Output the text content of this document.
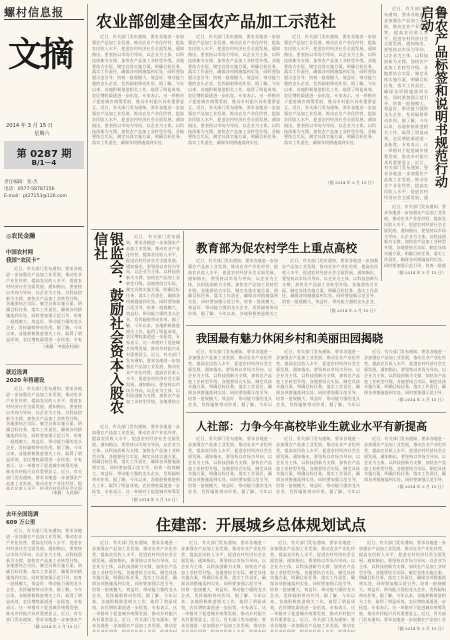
螺村信息报
文摘
2014 年 3 月 15 日
星期六
第 0287 期
B/1－4
责任编辑：张·杰
电话：0577-58787156
E-mail：pt27153@126.com
◎农民金融
中国农村网
我国“农民卡”
近日，有关部门发布通知，要求各地进一步加强农产品加工业发展，推动农业产业化经营，提高农民收入水平，促进农村经济社会全面发展。通知指出，要坚持以市场为导向，以企业为主体，以科技创新为支撑，加快农产品加工业转型升级。各地要结合实际，制定具体实施方案，明确目标任务，落实工作责任，确保各项措施落到实处。同时要加强示范引导，培育一批规模大、效益好、带动能力强的龙头企业，发挥辐射带动作用。据了解，今年以来，各地积极推进相关工作，取得了明显成效，农民增收渠道进一步拓宽。专家表示，这一举措对于促进城乡统筹发展、推动乡村振兴具有重要意义。近日，有关部门发布通知，要求各地进一步加强农产品加工业发展，推动农业产业化经营，提高农民收入水平，促进农村经济社会全面发展。通知指出，要坚持以市场为导向，以企业为主体，以科技创新为支撑，加快农产品加工业转型升级。各地要结合实际，制定具体实施方案，明确目标任务，落实工作责任，确保各项措施落到实处。
（来源：中国农村网）
就近选调
2020 年将建设
近日，有关部门发布通知，要求各地进一步加强农产品加工业发展，推动农业产业化经营，提高农民收入水平，促进农村经济社会全面发展。通知指出，要坚持以市场为导向，以企业为主体，以科技创新为支撑，加快农产品加工业转型升级。各地要结合实际，制定具体实施方案，明确目标任务，落实工作责任，确保各项措施落到实处。同时要加强示范引导，培育一批规模大、效益好、带动能力强的龙头企业，发挥辐射带动作用。据了解，今年以来，各地积极推进相关工作，取得了明显成效，农民增收渠道进一步拓宽。专家表示，这一举措对于促进城乡统筹发展、推动乡村振兴具有重要意义。近日，有关部门发布通知，要求各地进一步加强农产品加工业发展，推动农业产业化经营，提高农民收入水平，促进农村经济社会全面发展。通知指出，要坚持以市场为导向，以企业为主体，以科技创新为支撑，加快农产品加工业转型升级。各地要结合实际，制定具体实施方案，明确目标任务，落实工作责任，确保各项措施落到实处。
（来源：人民网）
去年全国选调
609 万公里
近日，有关部门发布通知，要求各地进一步加强农产品加工业发展，推动农业产业化经营，提高农民收入水平，促进农村经济社会全面发展。通知指出，要坚持以市场为导向，以企业为主体，以科技创新为支撑，加快农产品加工业转型升级。各地要结合实际，制定具体实施方案，明确目标任务，落实工作责任，确保各项措施落到实处。同时要加强示范引导，培育一批规模大、效益好、带动能力强的龙头企业，发挥辐射带动作用。据了解，今年以来，各地积极推进相关工作，取得了明显成效，农民增收渠道进一步拓宽。专家表示，这一举措对于促进城乡统筹发展、推动乡村振兴具有重要意义。近日，有关部门发布通知，要求各地进一步加强农产品加工业发展，推动农业产业化经营，提高农民收入水平，促进农村经济社会全面发展。通知指出，要坚持以市场为导向，以企业为主体，以科技创新为支撑，加快农产品加工业转型升级。各地要结合实际，制定具体实施方案，明确目标任务，落实工作责任，确保各项措施落到实处。
（据 2014 年 3 月 15 日）
农业部创建全国农产品加工示范社
近日，有关部门发布通知，要求各地进一步加强农产品加工业发展，推动农业产业化经营，提高农民收入水平，促进农村经济社会全面发展。通知指出，要坚持以市场为导向，以企业为主体，以科技创新为支撑，加快农产品加工业转型升级。各地要结合实际，制定具体实施方案，明确目标任务，落实工作责任，确保各项措施落到实处。同时要加强示范引导，培育一批规模大、效益好、带动能力强的龙头企业，发挥辐射带动作用。据了解，今年以来，各地积极推进相关工作，取得了明显成效，农民增收渠道进一步拓宽。专家表示，这一举措对于促进城乡统筹发展、推动乡村振兴具有重要意义。近日，有关部门发布通知，要求各地进一步加强农产品加工业发展，推动农业产业化经营，提高农民收入水平，促进农村经济社会全面发展。通知指出，要坚持以市场为导向，以企业为主体，以科技创新为支撑，加快农产品加工业转型升级。各地要结合实际，制定具体实施方案，明确目标任务，落实工作责任，确保各项措施落到实处。
近日，有关部门发布通知，要求各地进一步加强农产品加工业发展，推动农业产业化经营，提高农民收入水平，促进农村经济社会全面发展。通知指出，要坚持以市场为导向，以企业为主体，以科技创新为支撑，加快农产品加工业转型升级。各地要结合实际，制定具体实施方案，明确目标任务，落实工作责任，确保各项措施落到实处。同时要加强示范引导，培育一批规模大、效益好、带动能力强的龙头企业，发挥辐射带动作用。据了解，今年以来，各地积极推进相关工作，取得了明显成效，农民增收渠道进一步拓宽。专家表示，这一举措对于促进城乡统筹发展、推动乡村振兴具有重要意义。近日，有关部门发布通知，要求各地进一步加强农产品加工业发展，推动农业产业化经营，提高农民收入水平，促进农村经济社会全面发展。通知指出，要坚持以市场为导向，以企业为主体，以科技创新为支撑，加快农产品加工业转型升级。各地要结合实际，制定具体实施方案，明确目标任务，落实工作责任，确保各项措施落到实处。
近日，有关部门发布通知，要求各地进一步加强农产品加工业发展，推动农业产业化经营，提高农民收入水平，促进农村经济社会全面发展。通知指出，要坚持以市场为导向，以企业为主体，以科技创新为支撑，加快农产品加工业转型升级。各地要结合实际，制定具体实施方案，明确目标任务，落实工作责任，确保各项措施落到实处。同时要加强示范引导，培育一批规模大、效益好、带动能力强的龙头企业，发挥辐射带动作用。据了解，今年以来，各地积极推进相关工作，取得了明显成效，农民增收渠道进一步拓宽。专家表示，这一举措对于促进城乡统筹发展、推动乡村振兴具有重要意义。近日，有关部门发布通知，要求各地进一步加强农产品加工业发展，推动农业产业化经营，提高农民收入水平，促进农村经济社会全面发展。通知指出，要坚持以市场为导向，以企业为主体，以科技创新为支撑，加快农产品加工业转型升级。各地要结合实际，制定具体实施方案，明确目标任务，落实工作责任，确保各项措施落到实处。
（据 2014 年 3 月 15 日）
近日，有关部门发布通知，要求各地进一步加强农产品加工业发展，推动农业产业化经营，提高农民收入水平，促进农村经济社会全面发展。通知指出，要坚持以市场为导向，以企业为主体，以科技创新为支撑，加快农产品加工业转型升级。各地要结合实际，制定具体实施方案，明确目标任务，落实工作责任，确保各项措施落到实处。同时要加强示范引导，培育一批规模大、效益好、带动能力强的龙头企业，发挥辐射带动作用。据了解，今年以来，各地积极推进相关工作，取得了明显成效，农民增收渠道进一步拓宽。专家表示，这一举措对于促进城乡统筹发展、推动乡村振兴具有重要意义。近日，有关部门发布通知，要求各地进一步加强农产品加工业发展，推动农业产业化经营，提高农民收入水平，促进农村经济社会全面发展。通知指出，要坚持以市场为导向，以企业为主体，以科技创新为支撑，加快农产品加工业转型升级。各地要结合实际，制定具体实施方案，明确目标任务，落实工作责任，确保各项措施落到实处。	鲁农产品标签和说明书规范行动启动
近日，有关部门发布通知，要求各地进一步加强农产品加工业发展，推动农业产业化经营，提高农民收入水平，促进农村经济社会全面发展。通知指出，要坚持以市场为导向，以企业为主体，以科技创新为支撑，加快农产品加工业转型升级。各地要结合实际，制定具体实施方案，明确目标任务，落实工作责任，确保各项措施落到实处。同时要加强示范引导，培育一批规模大、效益好、带动能力强的龙头企业，发挥辐射带动作用。据了解，今年以来，各地积极推进相关工作，取得了明显成效，农民增收渠道进一步拓宽。专家表示，这一举措对于促进城乡统筹发展、推动乡村振兴具有重要意义。近日，有关部门发布通知，要求各地进一步加强农产品加工业发展，推动农业产业化经营，提高农民收入水平，促进农村经济社会全面发展。通知指出，要坚持以市场为导向，以企业为主体，以科技创新为支撑，加快农产品加工业转型升级。各地要结合实际，制定具体实施方案，明确目标任务，落实工作责任，确保各项措施落到实处。
（据 2014 年 3 月 15 日）
银监会：鼓励社会资本入股农信社
近日，有关部门发布通知，要求各地进一步加强农产品加工业发展，推动农业产业化经营，提高农民收入水平，促进农村经济社会全面发展。通知指出，要坚持以市场为导向，以企业为主体，以科技创新为支撑，加快农产品加工业转型升级。各地要结合实际，制定具体实施方案，明确目标任务，落实工作责任，确保各项措施落到实处。同时要加强示范引导，培育一批规模大、效益好、带动能力强的龙头企业，发挥辐射带动作用。据了解，今年以来，各地积极推进相关工作，取得了明显成效，农民增收渠道进一步拓宽。专家表示，这一举措对于促进城乡统筹发展、推动乡村振兴具有重要意义。近日，有关部门发布通知，要求各地进一步加强农产品加工业发展，推动农业产业化经营，提高农民收入水平，促进农村经济社会全面发展。通知指出，要坚持以市场为导向，以企业为主体，以科技创新为支撑，加快农产品加工业转型升级。各地要结合实际，制定具体实施方案，明确目标任务，落实工作责任，确保各项措施落到实处。
近日，有关部门发布通知，要求各地进一步加强农产品加工业发展，推动农业产业化经营，提高农民收入水平，促进农村经济社会全面发展。通知指出，要坚持以市场为导向，以企业为主体，以科技创新为支撑，加快农产品加工业转型升级。各地要结合实际，制定具体实施方案，明确目标任务，落实工作责任，确保各项措施落到实处。同时要加强示范引导，培育一批规模大、效益好、带动能力强的龙头企业，发挥辐射带动作用。据了解，今年以来，各地积极推进相关工作，取得了明显成效，农民增收渠道进一步拓宽。专家表示，这一举措对于促进城乡统筹发展、推动乡村振兴具有重要意义。近日，有关部门发布通知，要求各地进一步加强农产品加工业发展，推动农业产业化经营，提高农民收入水平，促进农村经济社会全面发展。通知指出，要坚持以市场为导向，以企业为主体，以科技创新为支撑，加快农产品加工业转型升级。各地要结合实际，制定具体实施方案，明确目标任务，落实工作责任，确保各项措施落到实处。
（据 2014 年 3 月 15 日）
教育部为促农村学生上重点高校
近日，有关部门发布通知，要求各地进一步加强农产品加工业发展，推动农业产业化经营，提高农民收入水平，促进农村经济社会全面发展。通知指出，要坚持以市场为导向，以企业为主体，以科技创新为支撑，加快农产品加工业转型升级。各地要结合实际，制定具体实施方案，明确目标任务，落实工作责任，确保各项措施落到实处。同时要加强示范引导，培育一批规模大、效益好、带动能力强的龙头企业，发挥辐射带动作用。据了解，今年以来，各地积极推进相关工作，取得了明显成效，农民增收渠道进一步拓宽。专家表示，这一举措对于促进城乡统筹发展、推动乡村振兴具有重要意义。近日，有关部门发布通知，要求各地进一步加强农产品加工业发展，推动农业产业化经营，提高农民收入水平，促进农村经济社会全面发展。通知指出，要坚持以市场为导向，以企业为主体，以科技创新为支撑，加快农产品加工业转型升级。各地要结合实际，制定具体实施方案，明确目标任务，落实工作责任，确保各项措施落到实处。
近日，有关部门发布通知，要求各地进一步加强农产品加工业发展，推动农业产业化经营，提高农民收入水平，促进农村经济社会全面发展。通知指出，要坚持以市场为导向，以企业为主体，以科技创新为支撑，加快农产品加工业转型升级。各地要结合实际，制定具体实施方案，明确目标任务，落实工作责任，确保各项措施落到实处。同时要加强示范引导，培育一批规模大、效益好、带动能力强的龙头企业，发挥辐射带动作用。据了解，今年以来，各地积极推进相关工作，取得了明显成效，农民增收渠道进一步拓宽。专家表示，这一举措对于促进城乡统筹发展、推动乡村振兴具有重要意义。近日，有关部门发布通知，要求各地进一步加强农产品加工业发展，推动农业产业化经营，提高农民收入水平，促进农村经济社会全面发展。通知指出，要坚持以市场为导向，以企业为主体，以科技创新为支撑，加快农产品加工业转型升级。各地要结合实际，制定具体实施方案，明确目标任务，落实工作责任，确保各项措施落到实处。
（据 2014 年 3 月 15 日）
我国最有魅力休闲乡村和美丽田园揭晓
近日，有关部门发布通知，要求各地进一步加强农产品加工业发展，推动农业产业化经营，提高农民收入水平，促进农村经济社会全面发展。通知指出，要坚持以市场为导向，以企业为主体，以科技创新为支撑，加快农产品加工业转型升级。各地要结合实际，制定具体实施方案，明确目标任务，落实工作责任，确保各项措施落到实处。同时要加强示范引导，培育一批规模大、效益好、带动能力强的龙头企业，发挥辐射带动作用。据了解，今年以来，各地积极推进相关工作，取得了明显成效，农民增收渠道进一步拓宽。专家表示，这一举措对于促进城乡统筹发展、推动乡村振兴具有重要意义。近日，有关部门发布通知，要求各地进一步加强农产品加工业发展，推动农业产业化经营，提高农民收入水平，促进农村经济社会全面发展。通知指出，要坚持以市场为导向，以企业为主体，以科技创新为支撑，加快农产品加工业转型升级。各地要结合实际，制定具体实施方案，明确目标任务，落实工作责任，确保各项措施落到实处。
近日，有关部门发布通知，要求各地进一步加强农产品加工业发展，推动农业产业化经营，提高农民收入水平，促进农村经济社会全面发展。通知指出，要坚持以市场为导向，以企业为主体，以科技创新为支撑，加快农产品加工业转型升级。各地要结合实际，制定具体实施方案，明确目标任务，落实工作责任，确保各项措施落到实处。同时要加强示范引导，培育一批规模大、效益好、带动能力强的龙头企业，发挥辐射带动作用。据了解，今年以来，各地积极推进相关工作，取得了明显成效，农民增收渠道进一步拓宽。专家表示，这一举措对于促进城乡统筹发展、推动乡村振兴具有重要意义。近日，有关部门发布通知，要求各地进一步加强农产品加工业发展，推动农业产业化经营，提高农民收入水平，促进农村经济社会全面发展。通知指出，要坚持以市场为导向，以企业为主体，以科技创新为支撑，加快农产品加工业转型升级。各地要结合实际，制定具体实施方案，明确目标任务，落实工作责任，确保各项措施落到实处。
近日，有关部门发布通知，要求各地进一步加强农产品加工业发展，推动农业产业化经营，提高农民收入水平，促进农村经济社会全面发展。通知指出，要坚持以市场为导向，以企业为主体，以科技创新为支撑，加快农产品加工业转型升级。各地要结合实际，制定具体实施方案，明确目标任务，落实工作责任，确保各项措施落到实处。同时要加强示范引导，培育一批规模大、效益好、带动能力强的龙头企业，发挥辐射带动作用。据了解，今年以来，各地积极推进相关工作，取得了明显成效，农民增收渠道进一步拓宽。专家表示，这一举措对于促进城乡统筹发展、推动乡村振兴具有重要意义。近日，有关部门发布通知，要求各地进一步加强农产品加工业发展，推动农业产业化经营，提高农民收入水平，促进农村经济社会全面发展。通知指出，要坚持以市场为导向，以企业为主体，以科技创新为支撑，加快农产品加工业转型升级。各地要结合实际，制定具体实施方案，明确目标任务，落实工作责任，确保各项措施落到实处。
（据 2014 年 3 月 15 日）
人社部：力争今年高校毕业生就业水平有新提高
近日，有关部门发布通知，要求各地进一步加强农产品加工业发展，推动农业产业化经营，提高农民收入水平，促进农村经济社会全面发展。通知指出，要坚持以市场为导向，以企业为主体，以科技创新为支撑，加快农产品加工业转型升级。各地要结合实际，制定具体实施方案，明确目标任务，落实工作责任，确保各项措施落到实处。同时要加强示范引导，培育一批规模大、效益好、带动能力强的龙头企业，发挥辐射带动作用。据了解，今年以来，各地积极推进相关工作，取得了明显成效，农民增收渠道进一步拓宽。专家表示，这一举措对于促进城乡统筹发展、推动乡村振兴具有重要意义。近日，有关部门发布通知，要求各地进一步加强农产品加工业发展，推动农业产业化经营，提高农民收入水平，促进农村经济社会全面发展。通知指出，要坚持以市场为导向，以企业为主体，以科技创新为支撑，加快农产品加工业转型升级。各地要结合实际，制定具体实施方案，明确目标任务，落实工作责任，确保各项措施落到实处。
近日，有关部门发布通知，要求各地进一步加强农产品加工业发展，推动农业产业化经营，提高农民收入水平，促进农村经济社会全面发展。通知指出，要坚持以市场为导向，以企业为主体，以科技创新为支撑，加快农产品加工业转型升级。各地要结合实际，制定具体实施方案，明确目标任务，落实工作责任，确保各项措施落到实处。同时要加强示范引导，培育一批规模大、效益好、带动能力强的龙头企业，发挥辐射带动作用。据了解，今年以来，各地积极推进相关工作，取得了明显成效，农民增收渠道进一步拓宽。专家表示，这一举措对于促进城乡统筹发展、推动乡村振兴具有重要意义。近日，有关部门发布通知，要求各地进一步加强农产品加工业发展，推动农业产业化经营，提高农民收入水平，促进农村经济社会全面发展。通知指出，要坚持以市场为导向，以企业为主体，以科技创新为支撑，加快农产品加工业转型升级。各地要结合实际，制定具体实施方案，明确目标任务，落实工作责任，确保各项措施落到实处。
近日，有关部门发布通知，要求各地进一步加强农产品加工业发展，推动农业产业化经营，提高农民收入水平，促进农村经济社会全面发展。通知指出，要坚持以市场为导向，以企业为主体，以科技创新为支撑，加快农产品加工业转型升级。各地要结合实际，制定具体实施方案，明确目标任务，落实工作责任，确保各项措施落到实处。同时要加强示范引导，培育一批规模大、效益好、带动能力强的龙头企业，发挥辐射带动作用。据了解，今年以来，各地积极推进相关工作，取得了明显成效，农民增收渠道进一步拓宽。专家表示，这一举措对于促进城乡统筹发展、推动乡村振兴具有重要意义。近日，有关部门发布通知，要求各地进一步加强农产品加工业发展，推动农业产业化经营，提高农民收入水平，促进农村经济社会全面发展。通知指出，要坚持以市场为导向，以企业为主体，以科技创新为支撑，加快农产品加工业转型升级。各地要结合实际，制定具体实施方案，明确目标任务，落实工作责任，确保各项措施落到实处。
（据 2014 年 3 月 15 日）
住建部：开展城乡总体规划试点
近日，有关部门发布通知，要求各地进一步加强农产品加工业发展，推动农业产业化经营，提高农民收入水平，促进农村经济社会全面发展。通知指出，要坚持以市场为导向，以企业为主体，以科技创新为支撑，加快农产品加工业转型升级。各地要结合实际，制定具体实施方案，明确目标任务，落实工作责任，确保各项措施落到实处。同时要加强示范引导，培育一批规模大、效益好、带动能力强的龙头企业，发挥辐射带动作用。据了解，今年以来，各地积极推进相关工作，取得了明显成效，农民增收渠道进一步拓宽。专家表示，这一举措对于促进城乡统筹发展、推动乡村振兴具有重要意义。近日，有关部门发布通知，要求各地进一步加强农产品加工业发展，推动农业产业化经营，提高农民收入水平，促进农村经济社会全面发展。通知指出，要坚持以市场为导向，以企业为主体，以科技创新为支撑，加快农产品加工业转型升级。各地要结合实际，制定具体实施方案，明确目标任务，落实工作责任，确保各项措施落到实处。
近日，有关部门发布通知，要求各地进一步加强农产品加工业发展，推动农业产业化经营，提高农民收入水平，促进农村经济社会全面发展。通知指出，要坚持以市场为导向，以企业为主体，以科技创新为支撑，加快农产品加工业转型升级。各地要结合实际，制定具体实施方案，明确目标任务，落实工作责任，确保各项措施落到实处。同时要加强示范引导，培育一批规模大、效益好、带动能力强的龙头企业，发挥辐射带动作用。据了解，今年以来，各地积极推进相关工作，取得了明显成效，农民增收渠道进一步拓宽。专家表示，这一举措对于促进城乡统筹发展、推动乡村振兴具有重要意义。近日，有关部门发布通知，要求各地进一步加强农产品加工业发展，推动农业产业化经营，提高农民收入水平，促进农村经济社会全面发展。通知指出，要坚持以市场为导向，以企业为主体，以科技创新为支撑，加快农产品加工业转型升级。各地要结合实际，制定具体实施方案，明确目标任务，落实工作责任，确保各项措施落到实处。
近日，有关部门发布通知，要求各地进一步加强农产品加工业发展，推动农业产业化经营，提高农民收入水平，促进农村经济社会全面发展。通知指出，要坚持以市场为导向，以企业为主体，以科技创新为支撑，加快农产品加工业转型升级。各地要结合实际，制定具体实施方案，明确目标任务，落实工作责任，确保各项措施落到实处。同时要加强示范引导，培育一批规模大、效益好、带动能力强的龙头企业，发挥辐射带动作用。据了解，今年以来，各地积极推进相关工作，取得了明显成效，农民增收渠道进一步拓宽。专家表示，这一举措对于促进城乡统筹发展、推动乡村振兴具有重要意义。近日，有关部门发布通知，要求各地进一步加强农产品加工业发展，推动农业产业化经营，提高农民收入水平，促进农村经济社会全面发展。通知指出，要坚持以市场为导向，以企业为主体，以科技创新为支撑，加快农产品加工业转型升级。各地要结合实际，制定具体实施方案，明确目标任务，落实工作责任，确保各项措施落到实处。
近日，有关部门发布通知，要求各地进一步加强农产品加工业发展，推动农业产业化经营，提高农民收入水平，促进农村经济社会全面发展。通知指出，要坚持以市场为导向，以企业为主体，以科技创新为支撑，加快农产品加工业转型升级。各地要结合实际，制定具体实施方案，明确目标任务，落实工作责任，确保各项措施落到实处。同时要加强示范引导，培育一批规模大、效益好、带动能力强的龙头企业，发挥辐射带动作用。据了解，今年以来，各地积极推进相关工作，取得了明显成效，农民增收渠道进一步拓宽。专家表示，这一举措对于促进城乡统筹发展、推动乡村振兴具有重要意义。近日，有关部门发布通知，要求各地进一步加强农产品加工业发展，推动农业产业化经营，提高农民收入水平，促进农村经济社会全面发展。通知指出，要坚持以市场为导向，以企业为主体，以科技创新为支撑，加快农产品加工业转型升级。各地要结合实际，制定具体实施方案，明确目标任务，落实工作责任，确保各项措施落到实处。
（据 2014 年 3 月 15 日）
